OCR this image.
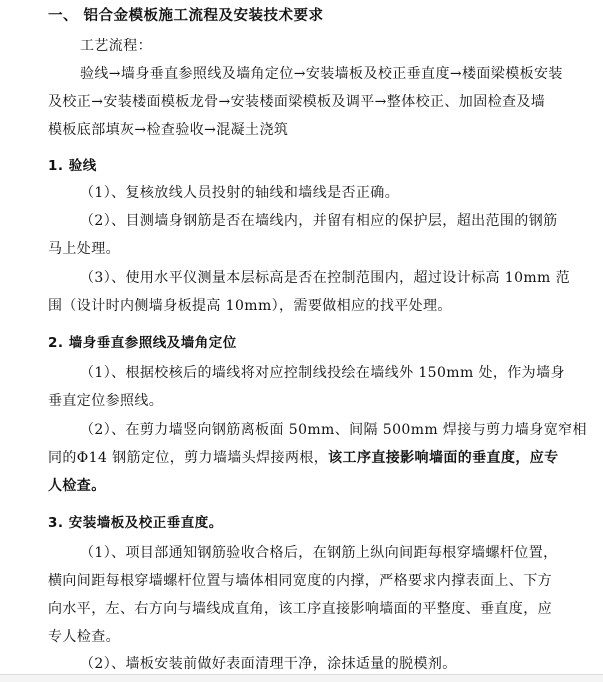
一、 铝合金模板施工流程及安装技术要求
工艺流程：
验线→墙身垂直参照线及墙角定位→安装墙板及校正垂直度→楼面梁模板安装
及校正→安装楼面模板龙骨→安装楼面梁模板及调平→整体校正、加固检查及墙
模板底部填灰→检查验收→混凝土浇筑
1. 验线
（1）、复核放线人员投射的轴线和墙线是否正确。
（2）、目测墙身钢筋是否在墙线内，并留有相应的保护层，超出范围的钢筋
马上处理。
（3）、使用水平仪测量本层标高是否在控制范围内，超过设计标高 10mm 范
围（设计时内侧墙身板提高 10mm），需要做相应的找平处理。
2. 墙身垂直参照线及墙角定位
（1）、根据校核后的墙线将对应控制线投绘在墙线外 150mm 处，作为墙身
垂直定位参照线。
（2）、在剪力墙竖向钢筋离板面 50mm、间隔 500mm 焊接与剪力墙身宽窄相
同的Φ14 钢筋定位，剪力墙墙头焊接两根，该工序直接影响墙面的垂直度，应专
人检查。
3. 安装墙板及校正垂直度。
（1）、项目部通知钢筋验收合格后，在钢筋上纵向间距每根穿墙螺杆位置，
横向间距每根穿墙螺杆位置与墙体相同宽度的内撑，严格要求内撑表面上、下方
向水平，左、右方向与墙线成直角，该工序直接影响墙面的平整度、垂直度，应
专人检查。
（2）、墙板安装前做好表面清理干净，涂抹适量的脱模剂。
